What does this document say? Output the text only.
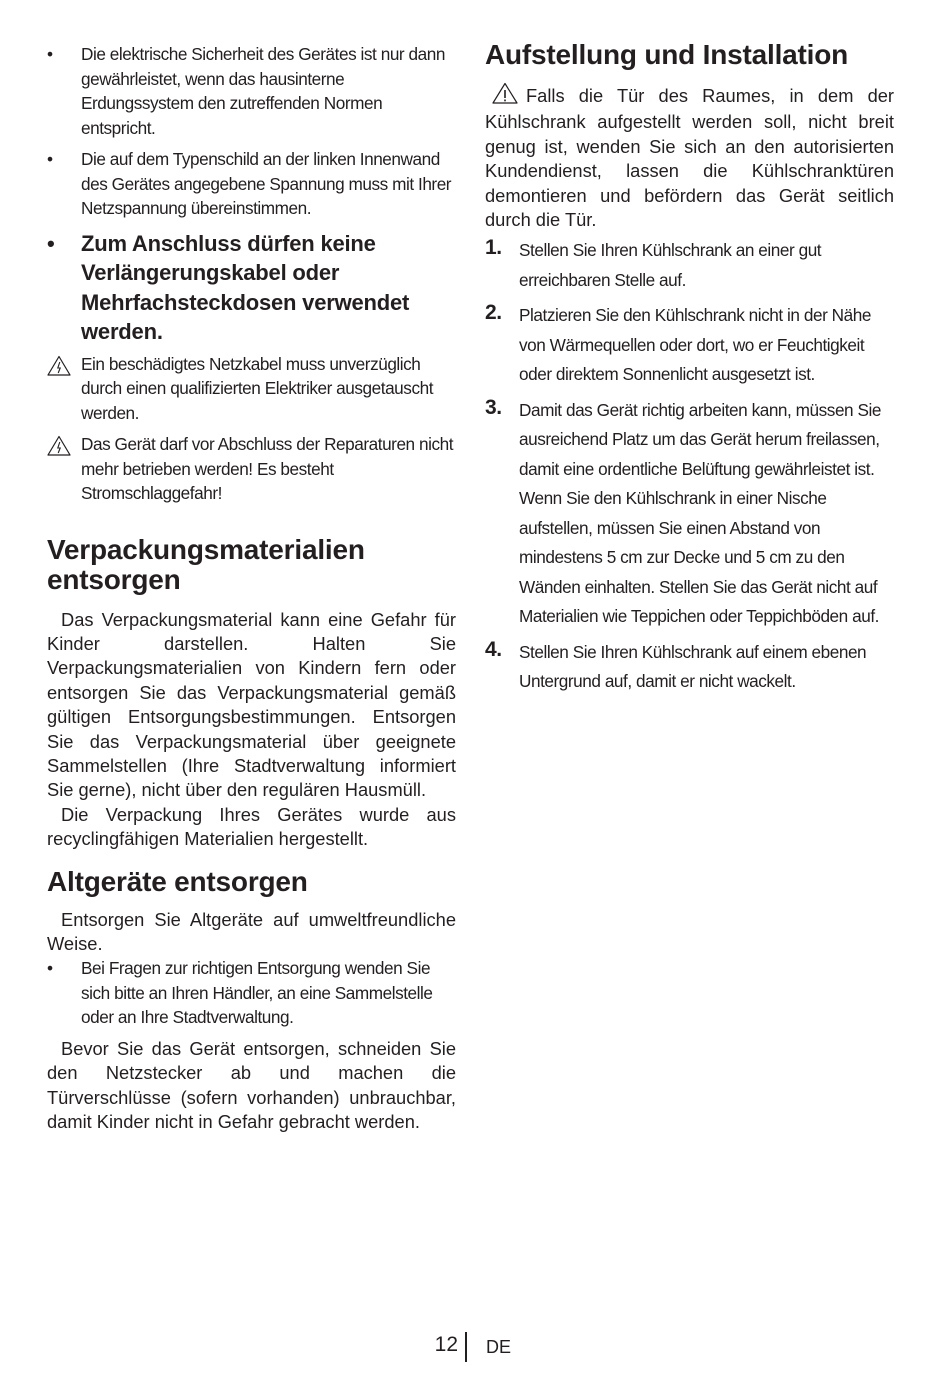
• Die elektrische Sicherheit des Gerätes ist nur dann gewährleistet, wenn das hausinterne Erdungssystem den zutreffenden Normen entspricht.
• Die auf dem Typenschild an der linken Innenwand des Gerätes angegebene Spannung muss mit Ihrer Netzspannung übereinstimmen.
• Zum Anschluss dürfen keine Verlängerungskabel oder Mehrfachsteckdosen verwendet werden.
Ein beschädigtes Netzkabel muss unverzüglich durch einen qualifizierten Elektriker ausgetauscht werden.
Das Gerät darf vor Abschluss der Reparaturen nicht mehr betrieben werden! Es besteht Stromschlaggefahr!
Verpackungsmaterialien entsorgen

Das Verpackungsmaterial kann eine Gefahr für Kinder darstellen. Halten Sie Verpackungsmaterialien von Kindern fern oder entsorgen Sie das Verpackungsmaterial gemäß gültigen Entsorgungsbestimmungen. Entsorgen Sie das Verpackungsmaterial über geeignete Sammelstellen (Ihre Stadtverwaltung informiert Sie gerne), nicht über den regulären Hausmüll.

Die Verpackung Ihres Gerätes wurde aus recyclingfähigen Materialien hergestellt.

Altgeräte entsorgen

Entsorgen Sie Altgeräte auf umweltfreundliche Weise.

• Bei Fragen zur richtigen Entsorgung wenden Sie sich bitte an Ihren Händler, an eine Sammelstelle oder an Ihre Stadtverwaltung.

Bevor Sie das Gerät entsorgen, schneiden Sie den Netzstecker ab und machen die Türverschlüsse (sofern vorhanden) unbrauchbar, damit Kinder nicht in Gefahr gebracht werden.

Aufstellung und Installation

Falls die Tür des Raumes, in dem der Kühlschrank aufgestellt werden soll, nicht breit genug ist, wenden Sie sich an den autorisierten Kundendienst, lassen die Kühlschranktüren demontieren und befördern das Gerät seitlich durch die Tür.

1. Stellen Sie Ihren Kühlschrank an einer gut erreichbaren Stelle auf.
2. Platzieren Sie den Kühlschrank nicht in der Nähe von Wärmequellen oder dort, wo er Feuchtigkeit oder direktem Sonnenlicht ausgesetzt ist.
3. Damit das Gerät richtig arbeiten kann, müssen Sie ausreichend Platz um das Gerät herum freilassen, damit eine ordentliche Belüftung gewährleistet ist. Wenn Sie den Kühlschrank in einer Nische aufstellen, müssen Sie einen Abstand von mindestens 5 cm zur Decke und 5 cm zu den Wänden einhalten. Stellen Sie das Gerät nicht auf Materialien wie Teppichen oder Teppichböden auf.
4. Stellen Sie Ihren Kühlschrank auf einem ebenen Untergrund auf, damit er nicht wackelt.
12 DE
